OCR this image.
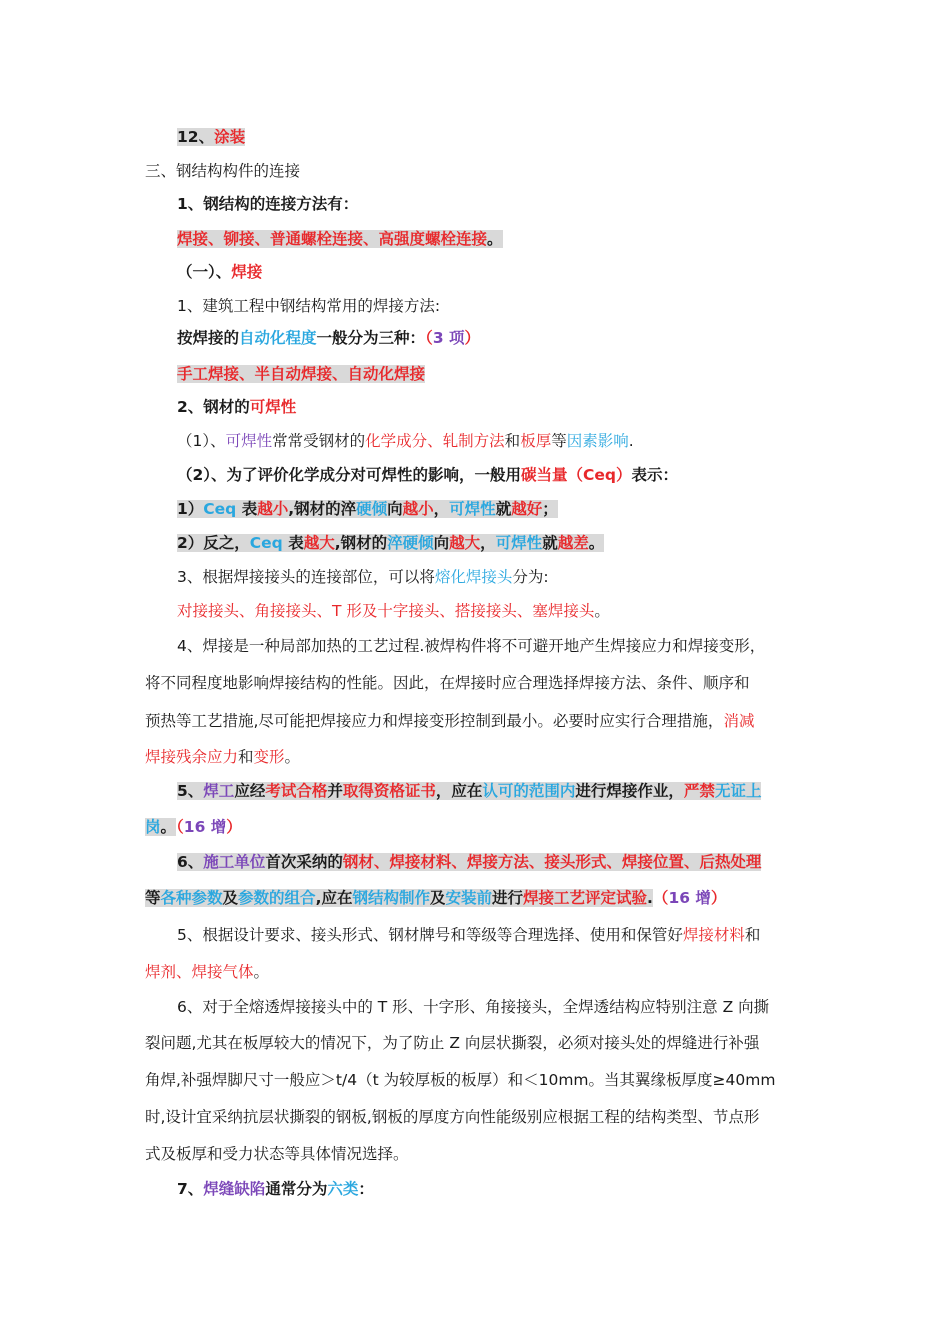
12、涂装
三、钢结构构件的连接
1、钢结构的连接方法有：
焊接、铆接、普通螺栓连接、高强度螺栓连接。
（一）、焊接
1、建筑工程中钢结构常用的焊接方法:
按焊接的自动化程度一般分为三种：（3 项）
手工焊接、半自动焊接、自动化焊接
2、钢材的可焊性
（1）、可焊性常常受钢材的化学成分、轧制方法和板厚等因素影响.
（2）、为了评价化学成分对可焊性的影响，一般用碳当量（Ceq）表示：
1）Ceq 表越小,钢材的淬硬倾向越小，可焊性就越好；
2）反之，Ceq 表越大,钢材的淬硬倾向越大，可焊性就越差。
3、根据焊接接头的连接部位，可以将熔化焊接头分为:
对接接头、角接接头、T 形及十字接头、搭接接头、塞焊接头。
4、焊接是一种局部加热的工艺过程.被焊构件将不可避开地产生焊接应力和焊接变形，
将不同程度地影响焊接结构的性能。因此，在焊接时应合理选择焊接方法、条件、顺序和
预热等工艺措施,尽可能把焊接应力和焊接变形控制到最小。必要时应实行合理措施，消减
焊接残余应力和变形。
5、焊工应经考试合格并取得资格证书，应在认可的范围内进行焊接作业，严禁无证上
岗。（16 增）
6、施工单位首次采纳的钢材、焊接材料、焊接方法、接头形式、焊接位置、后热处理
等各种参数及参数的组合,应在钢结构制作及安装前进行焊接工艺评定试验.（16 增）
5、根据设计要求、接头形式、钢材牌号和等级等合理选择、使用和保管好焊接材料和
焊剂、焊接气体。
6、对于全熔透焊接接头中的 T 形、十字形、角接接头，全焊透结构应特别注意 Z 向撕
裂问题,尤其在板厚较大的情况下，为了防止 Z 向层状撕裂，必须对接头处的焊缝进行补强
角焊,补强焊脚尺寸一般应＞t/4（t 为较厚板的板厚）和＜10mm。当其翼缘板厚度≥40mm
时,设计宜采纳抗层状撕裂的钢板,钢板的厚度方向性能级别应根据工程的结构类型、节点形
式及板厚和受力状态等具体情况选择。
7、焊缝缺陷通常分为六类：
